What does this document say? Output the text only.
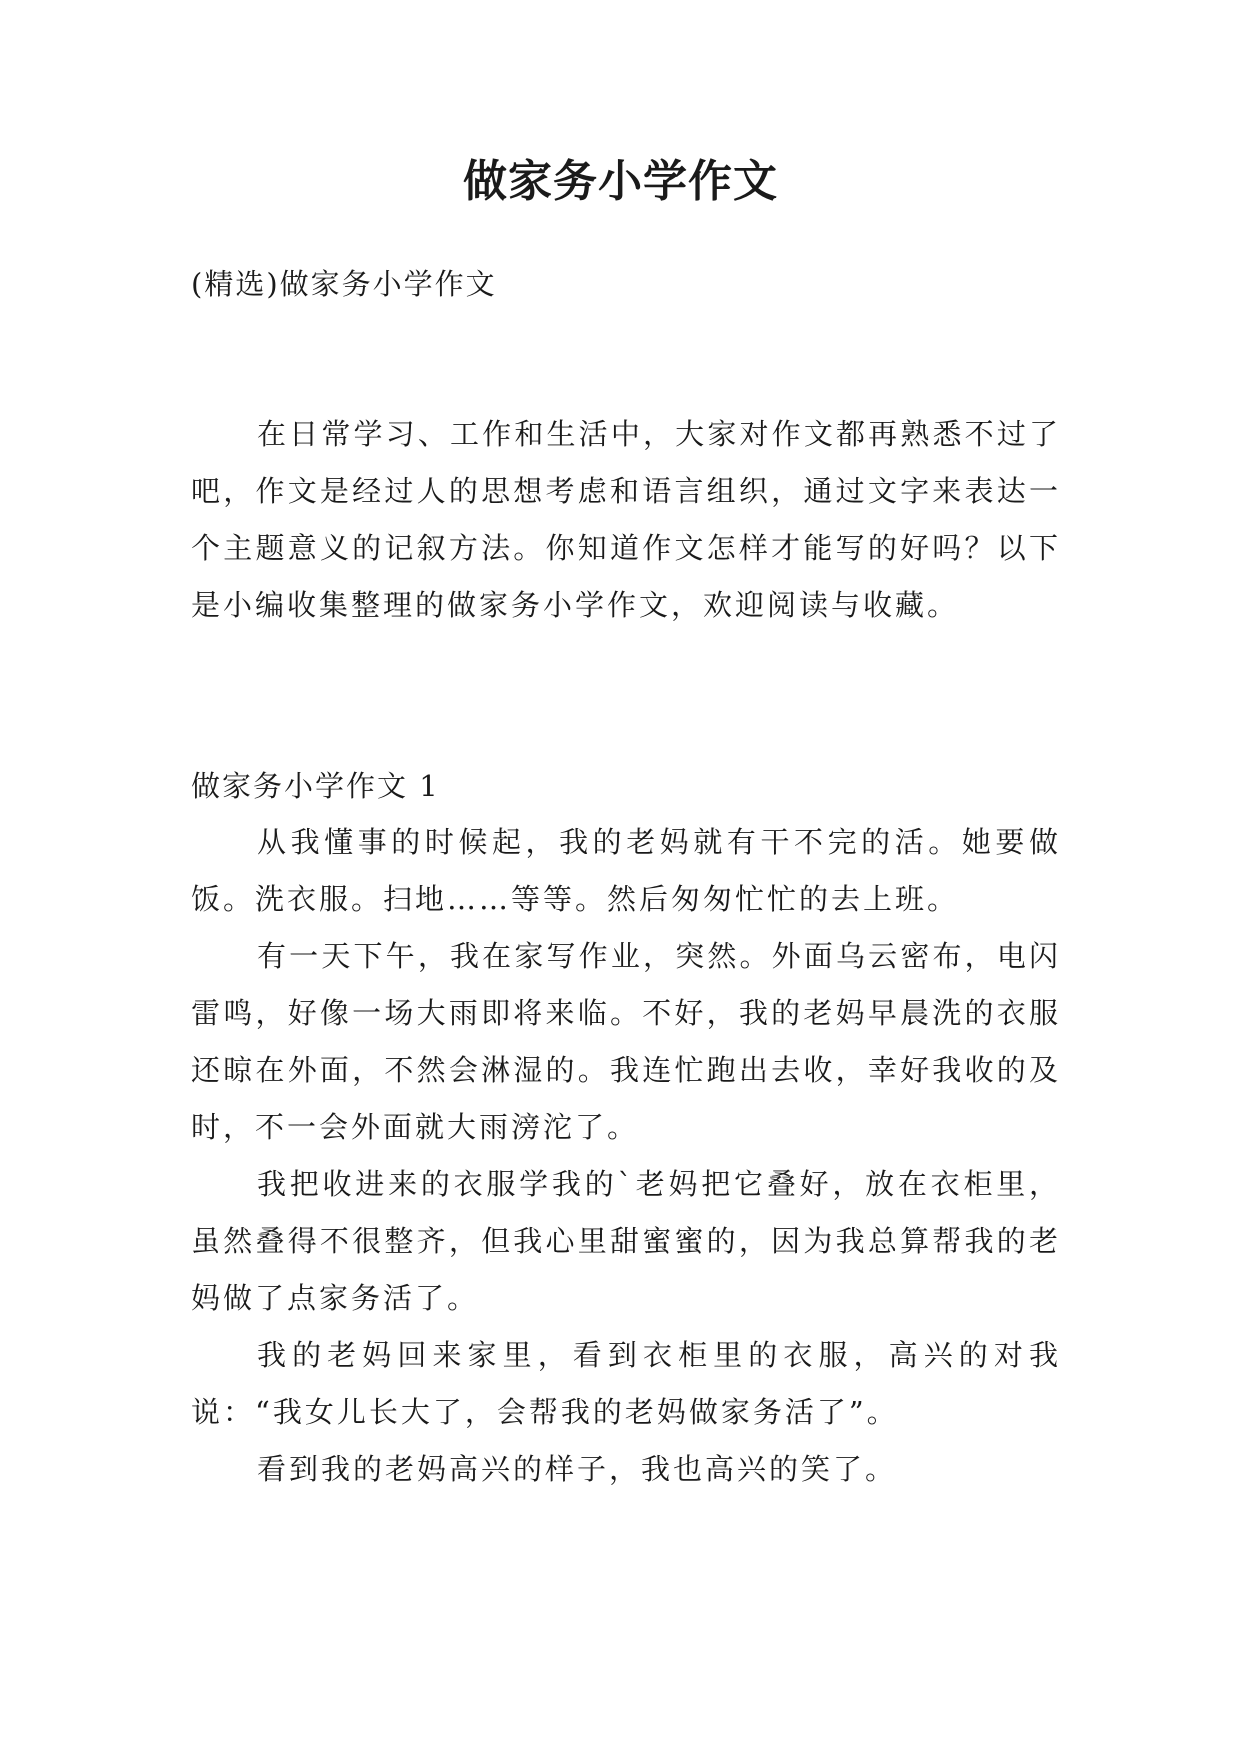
做家务小学作文
(精选)做家务小学作文

在日常学习、工作和生活中，大家对作文都再熟悉不过了吧，作文是经过人的思想考虑和语言组织，通过文字来表达一个主题意义的记叙方法。你知道作文怎样才能写的好吗？以下是小编收集整理的做家务小学作文，欢迎阅读与收藏。

做家务小学作文 1

从我懂事的时候起，我的老妈就有干不完的活。她要做饭。洗衣服。扫地……等等。然后匆匆忙忙的去上班。

有一天下午，我在家写作业，突然。外面乌云密布，电闪雷鸣，好像一场大雨即将来临。不好，我的老妈早晨洗的衣服还晾在外面，不然会淋湿的。我连忙跑出去收，幸好我收的及时，不一会外面就大雨滂沱了。

我把收进来的衣服学我的`老妈把它叠好，放在衣柜里，虽然叠得不很整齐，但我心里甜蜜蜜的，因为我总算帮我的老妈做了点家务活了。

我的老妈回来家里，看到衣柜里的衣服，高兴的对我说：“我女儿长大了，会帮我的老妈做家务活了”。

看到我的老妈高兴的样子，我也高兴的笑了。
